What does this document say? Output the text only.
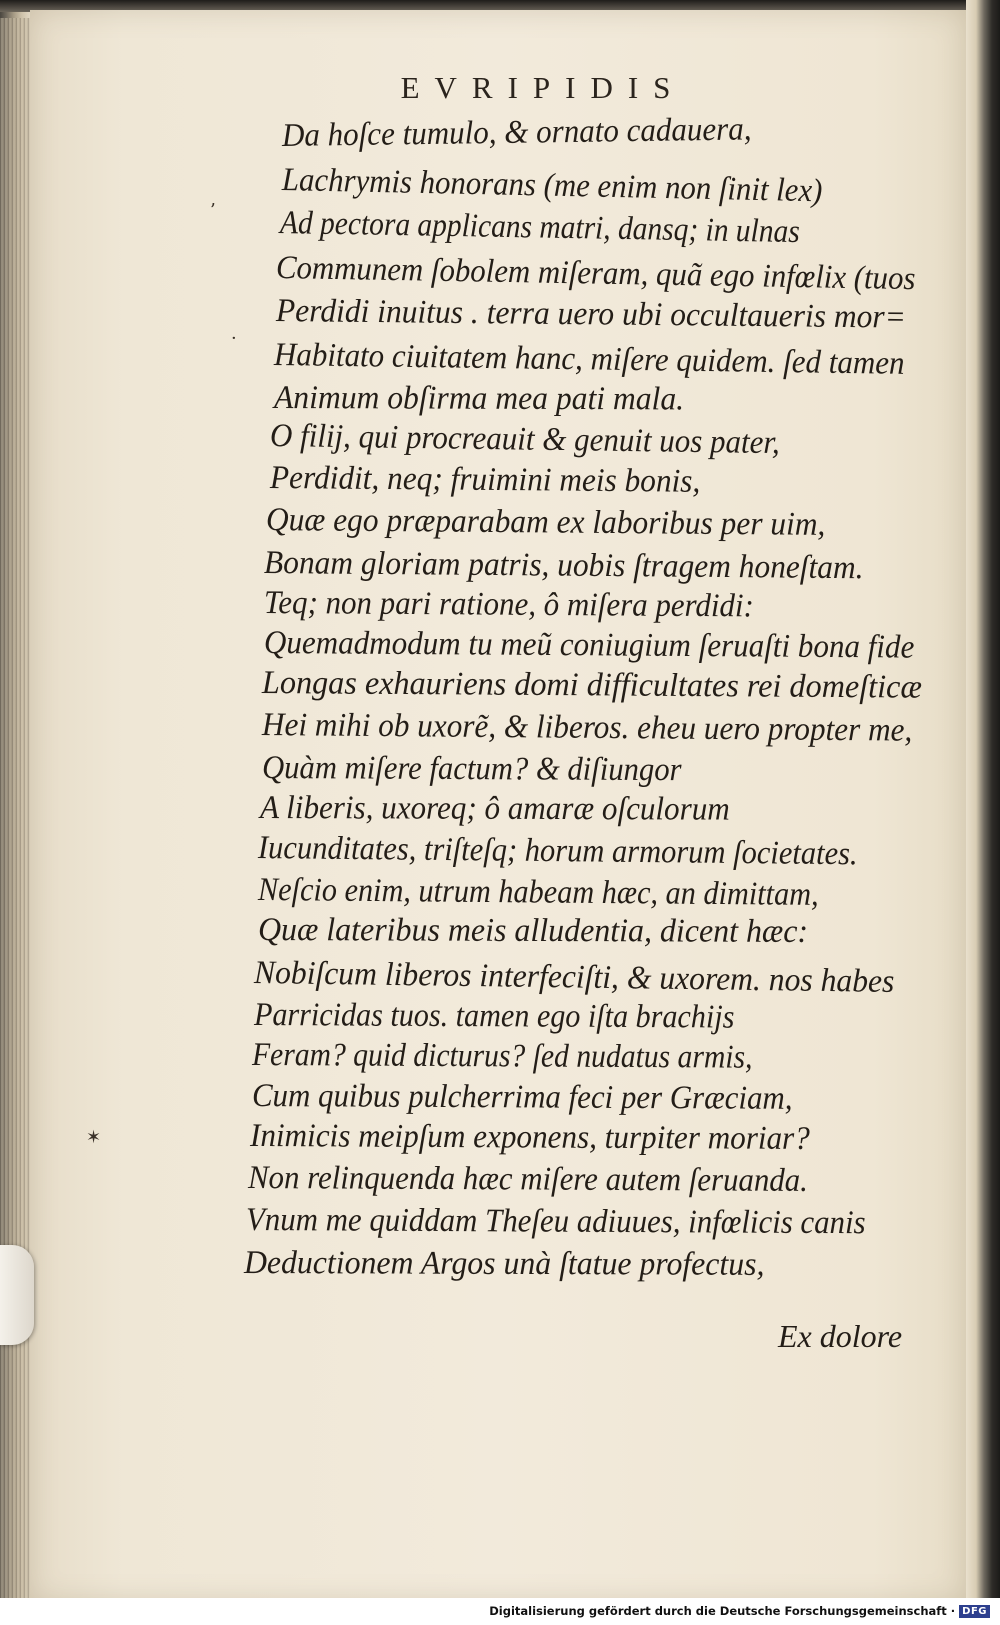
’
·
✶
EVRIPIDIS
Da hoſce tumulo, & ornato cadauera,
Lachrymis honorans (me enim non ſinit lex)
Ad pectora applicans matri, dansq; in ulnas
Communem ſobolem miſeram, quã ego infœlix (tuos
Perdidi inuitus . terra uero ubi occultaueris mor=
Habitato ciuitatem hanc, miſere quidem. ſed tamen
Animum obſirma mea pati mala.
O filij, qui procreauit & genuit uos pater,
Perdidit, neq; fruimini meis bonis,
Quæ ego præparabam ex laboribus per uim,
Bonam gloriam patris, uobis ſtragem honeſtam.
Teq; non pari ratione, ô miſera perdidi:
Quemadmodum tu meũ coniugium ſeruaſti bona fide
Longas exhauriens domi difficultates rei domeſticæ
Hei mihi ob uxorẽ, & liberos. eheu uero propter me,
Quàm miſere factum? & diſiungor
A liberis, uxoreq; ô amaræ oſculorum
Iucunditates, triſteſq; horum armorum ſocietates.
Neſcio enim, utrum habeam hæc, an dimittam,
Quæ lateribus meis alludentia, dicent hæc:
Nobiſcum liberos interfeciſti, & uxorem. nos habes
Parricidas tuos. tamen ego iſta brachijs
Feram? quid dicturus? ſed nudatus armis,
Cum quibus pulcherrima feci per Græciam,
Inimicis meipſum exponens, turpiter moriar?
Non relinquenda hæc miſere autem ſeruanda.
Vnum me quiddam Theſeu adiuues, infœlicis canis
Deductionem Argos unà ſtatue profectus,
Ex dolore
Digitalisierung gefördert durch die Deutsche Forschungsgemeinschaft · DFG
